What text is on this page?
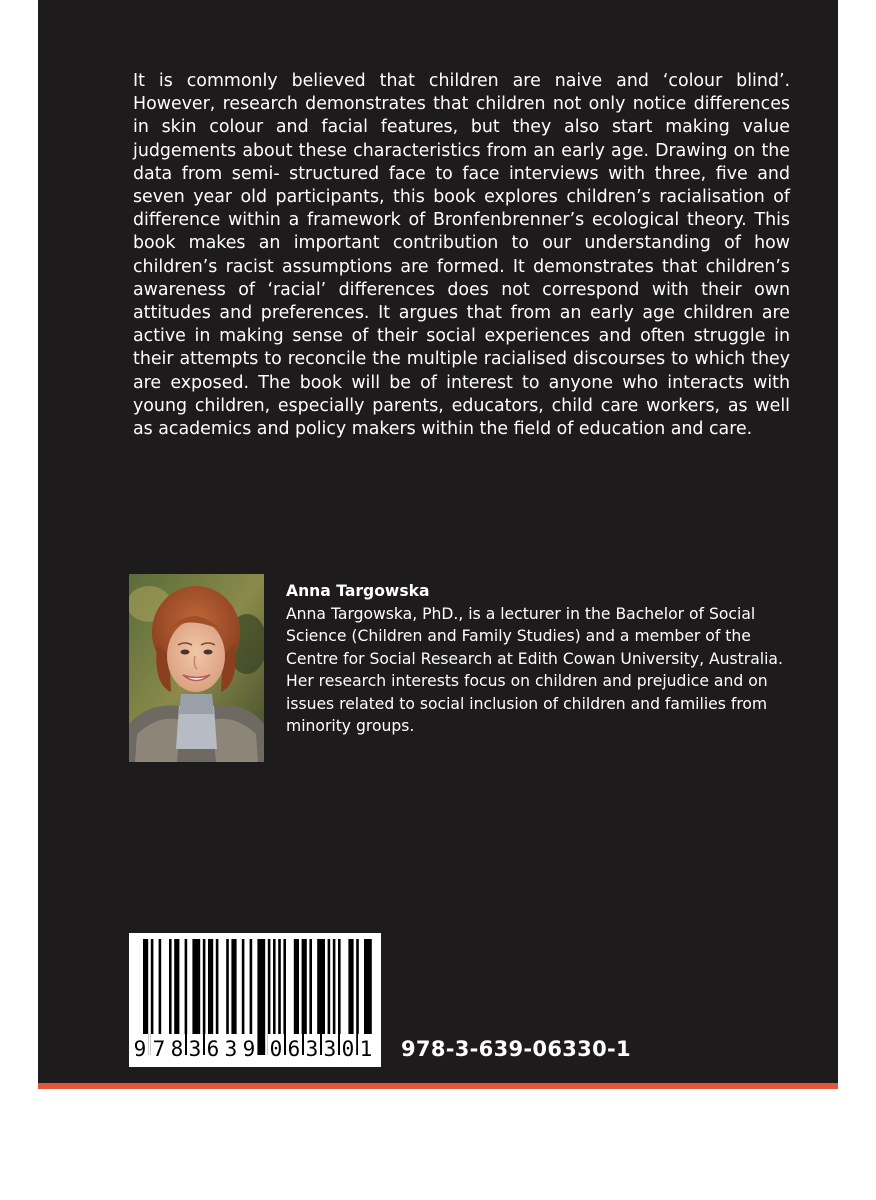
It is commonly believed that children are naive and ‘colour blind’. However, research demonstrates that children not only notice differences in skin colour and facial features, but they also start making value judgements about these characteristics from an early age. Drawing on the data from semi- structured face to face interviews with three, five and seven year old participants, this book explores children’s racialisation of difference within a framework of Bronfenbrenner’s ecological theory. This book makes an important contribution to our understanding of how children’s racist assumptions are formed. It demonstrates that children’s awareness of ‘racial’ differences does not correspond with their own attitudes and preferences. It argues that from an early age children are active in making sense of their social experiences and often struggle in their attempts to reconcile the multiple racialised discourses to which they are exposed. The book will be of interest to anyone who interacts with young children, especially parents, educators, child care workers, as well as academics and policy makers within the field of education and care.

Anna Targowska
Anna Targowska, PhD., is a lecturer in the Bachelor of Social Science (Children and Family Studies) and a member of the Centre for Social Research at Edith Cowan University, Australia. Her research interests focus on children and prejudice and on issues related to social inclusion of children and families from minority groups.
9 7 8 3 6 3 9 0 6 3 3 0 1 978-3-639-06330-1
